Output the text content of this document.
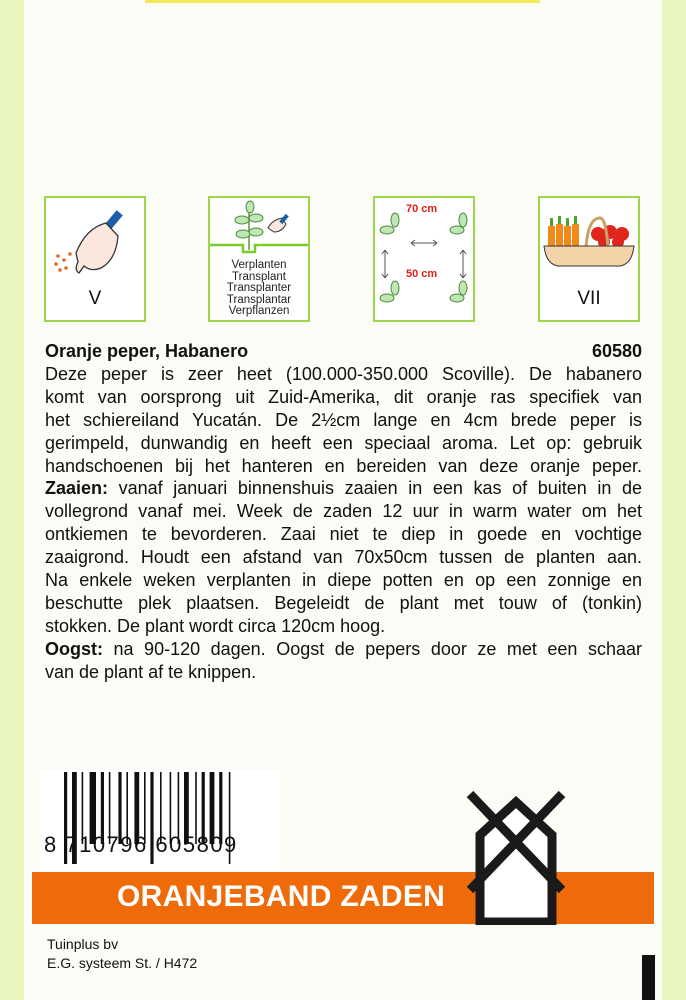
V
Verplanten
Transplant
Transplanter
Transplantar
Verpflanzen
70 cm
50 cm
VII
Oranje peper, Habanero	60580
Deze peper is zeer heet (100.000-350.000 Scoville). De habanero
komt van oorsprong uit Zuid-Amerika, dit oranje ras specifiek van
het schiereiland Yucatán. De 2½cm lange en 4cm brede peper is
gerimpeld, dunwandig en heeft een speciaal aroma. Let op: gebruik
handschoenen bij het hanteren en bereiden van deze oranje peper.
Zaaien: vanaf januari binnenshuis zaaien in een kas of buiten in de
vollegrond vanaf mei. Week de zaden 12 uur in warm water om het
ontkiemen te bevorderen. Zaai niet te diep in goede en vochtige
zaaigrond. Houdt een afstand van 70x50cm tussen de planten aan.
Na enkele weken verplanten in diepe potten en op een zonnige en
beschutte plek plaatsen. Begeleidt de plant met touw of (tonkin)
stokken. De plant wordt circa 120cm hoog.
Oogst: na 90-120 dagen. Oogst de pepers door ze met een schaar
van de plant af te knippen.
8 710796 605809
ORANJEBAND ZADEN
Tuinplus bv
E.G. systeem St. / H472
